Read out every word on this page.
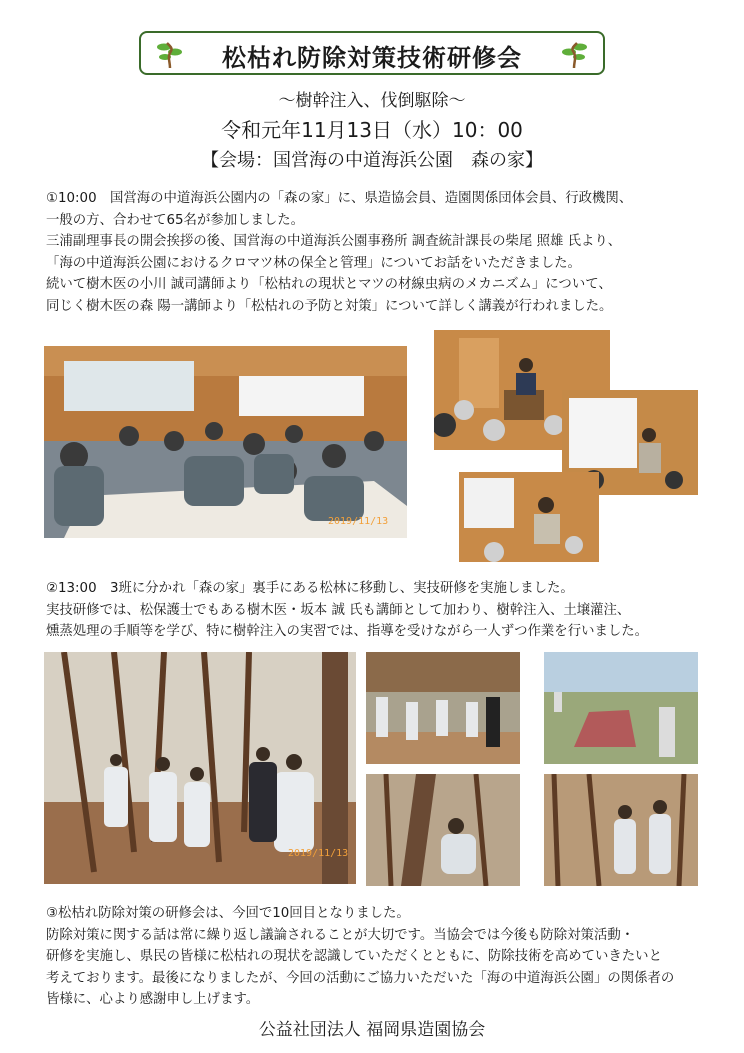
松枯れ防除対策技術研修会
～樹幹注入、伐倒駆除～
令和元年11月13日（水）10：00
【会場：国営海の中道海浜公園　森の家】
①10:00　国営海の中道海浜公園内の「森の家」に、県造協会員、造園関係団体会員、行政機関、
一般の方、合わせて65名が参加しました。
三浦副理事長の開会挨拶の後、国営海の中道海浜公園事務所 調査統計課長の柴尾 照雄 氏より、
「海の中道海浜公園におけるクロマツ林の保全と管理」についてお話をいただきました。
続いて樹木医の小川 誠司講師より「松枯れの現状とマツの材線虫病のメカニズム」について、
同じく樹木医の森 陽一講師より「松枯れの予防と対策」について詳しく講義が行われました。
2019/11/13
②13:00　3班に分かれ「森の家」裏手にある松林に移動し、実技研修を実施しました。
実技研修では、松保護士でもある樹木医・坂本 誠 氏も講師として加わり、樹幹注入、土壌灌注、
燻蒸処理の手順等を学び、特に樹幹注入の実習では、指導を受けながら一人ずつ作業を行いました。
2019/11/13
③松枯れ防除対策の研修会は、今回で10回目となりました。
防除対策に関する話は常に繰り返し議論されることが大切です。当協会では今後も防除対策活動・
研修を実施し、県民の皆様に松枯れの現状を認識していただくとともに、防除技術を高めていきたいと
考えております。最後になりましたが、今回の活動にご協力いただいた「海の中道海浜公園」の関係者の
皆様に、心より感謝申し上げます。
公益社団法人 福岡県造園協会
